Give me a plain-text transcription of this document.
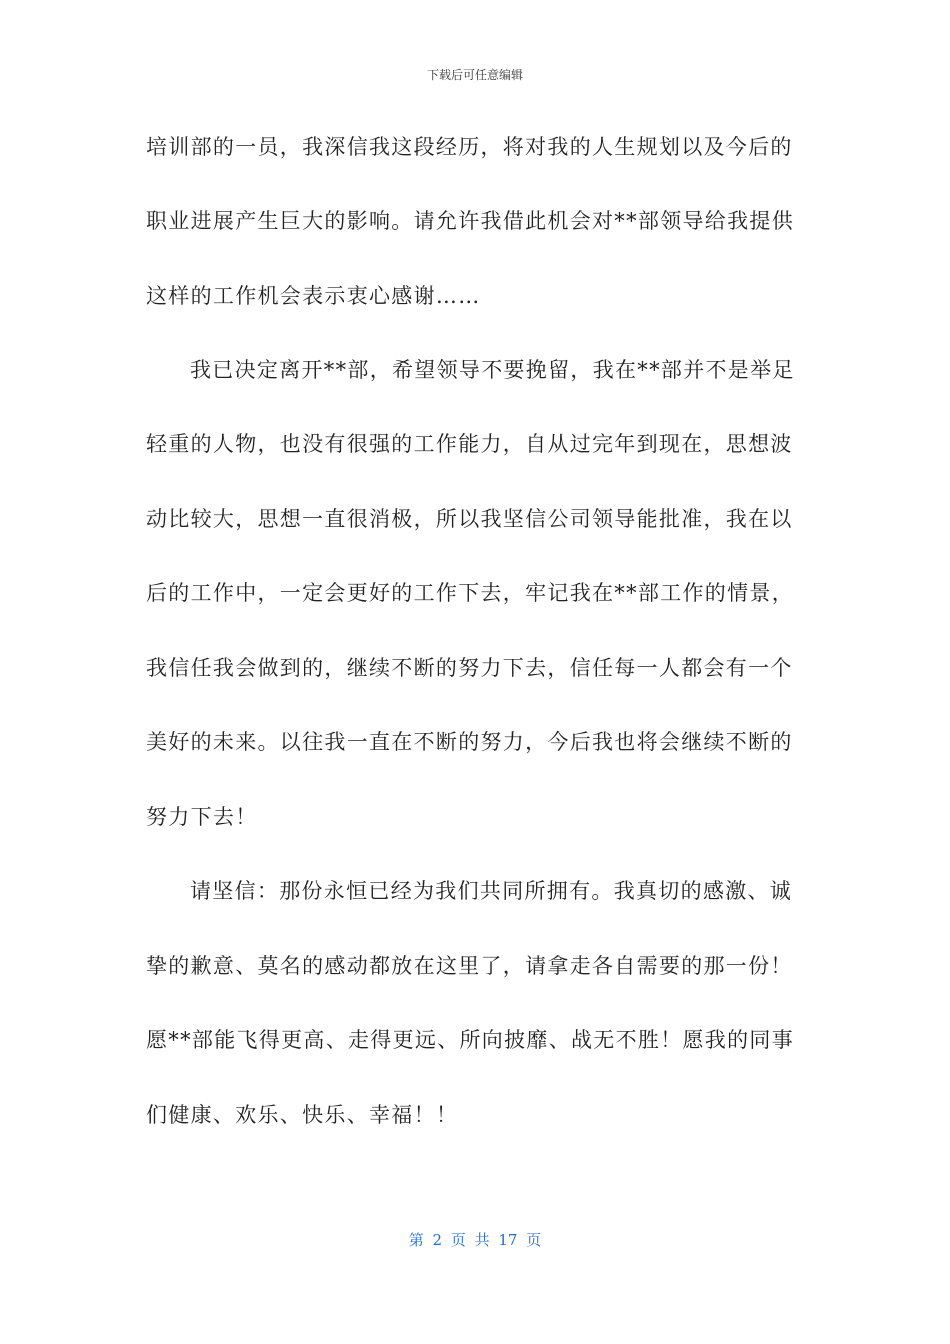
下载后可任意编辑
培训部的一员，我深信我这段经历，将对我的人生规划以及今后的
职业进展产生巨大的影响。请允许我借此机会对**部领导给我提供
这样的工作机会表示衷心感谢……
我已决定离开**部，希望领导不要挽留，我在**部并不是举足
轻重的人物，也没有很强的工作能力，自从过完年到现在，思想波
动比较大，思想一直很消极，所以我坚信公司领导能批准，我在以
后的工作中，一定会更好的工作下去，牢记我在**部工作的情景，
我信任我会做到的，继续不断的努力下去，信任每一人都会有一个
美好的未来。以往我一直在不断的努力，今后我也将会继续不断的
努力下去！
请坚信：那份永恒已经为我们共同所拥有。我真切的感激、诚
挚的歉意、莫名的感动都放在这里了，请拿走各自需要的那一份！
愿**部能飞得更高、走得更远、所向披靡、战无不胜！愿我的同事
们健康、欢乐、快乐、幸福！！
第 2 页 共 17 页
